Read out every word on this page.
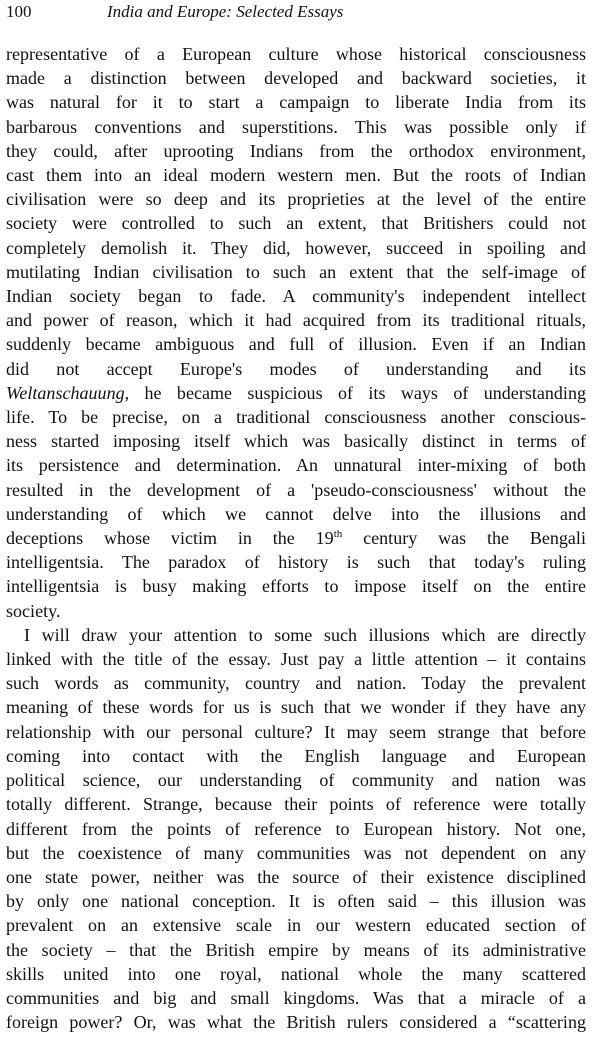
100	India and Europe: Selected Essays
representative of a European culture whose historical consciousness
made a distinction between developed and backward societies, it
was natural for it to start a campaign to liberate India from its
barbarous conventions and superstitions. This was possible only if
they could, after uprooting Indians from the orthodox environment,
cast them into an ideal modern western men. But the roots of Indian
civilisation were so deep and its proprieties at the level of the entire
society were controlled to such an extent, that Britishers could not
completely demolish it. They did, however, succeed in spoiling and
mutilating Indian civilisation to such an extent that the self-image of
Indian society began to fade. A community's independent intellect
and power of reason, which it had acquired from its traditional rituals,
suddenly became ambiguous and full of illusion. Even if an Indian
did not accept Europe's modes of understanding and its
Weltanschauung, he became suspicious of its ways of understanding
life. To be precise, on a traditional consciousness another conscious-
ness started imposing itself which was basically distinct in terms of
its persistence and determination. An unnatural inter-mixing of both
resulted in the development of a 'pseudo-consciousness' without the
understanding of which we cannot delve into the illusions and
deceptions whose victim in the 19th century was the Bengali
intelligentsia. The paradox of history is such that today's ruling
intelligentsia is busy making efforts to impose itself on the entire
society.
I will draw your attention to some such illusions which are directly
linked with the title of the essay. Just pay a little attention – it contains
such words as community, country and nation. Today the prevalent
meaning of these words for us is such that we wonder if they have any
relationship with our personal culture? It may seem strange that before
coming into contact with the English language and European
political science, our understanding of community and nation was
totally different. Strange, because their points of reference were totally
different from the points of reference to European history. Not one,
but the coexistence of many communities was not dependent on any
one state power, neither was the source of their existence disciplined
by only one national conception. It is often said – this illusion was
prevalent on an extensive scale in our western educated section of
the society – that the British empire by means of its administrative
skills united into one royal, national whole the many scattered
communities and big and small kingdoms. Was that a miracle of a
foreign power? Or, was what the British rulers considered a “scattering
